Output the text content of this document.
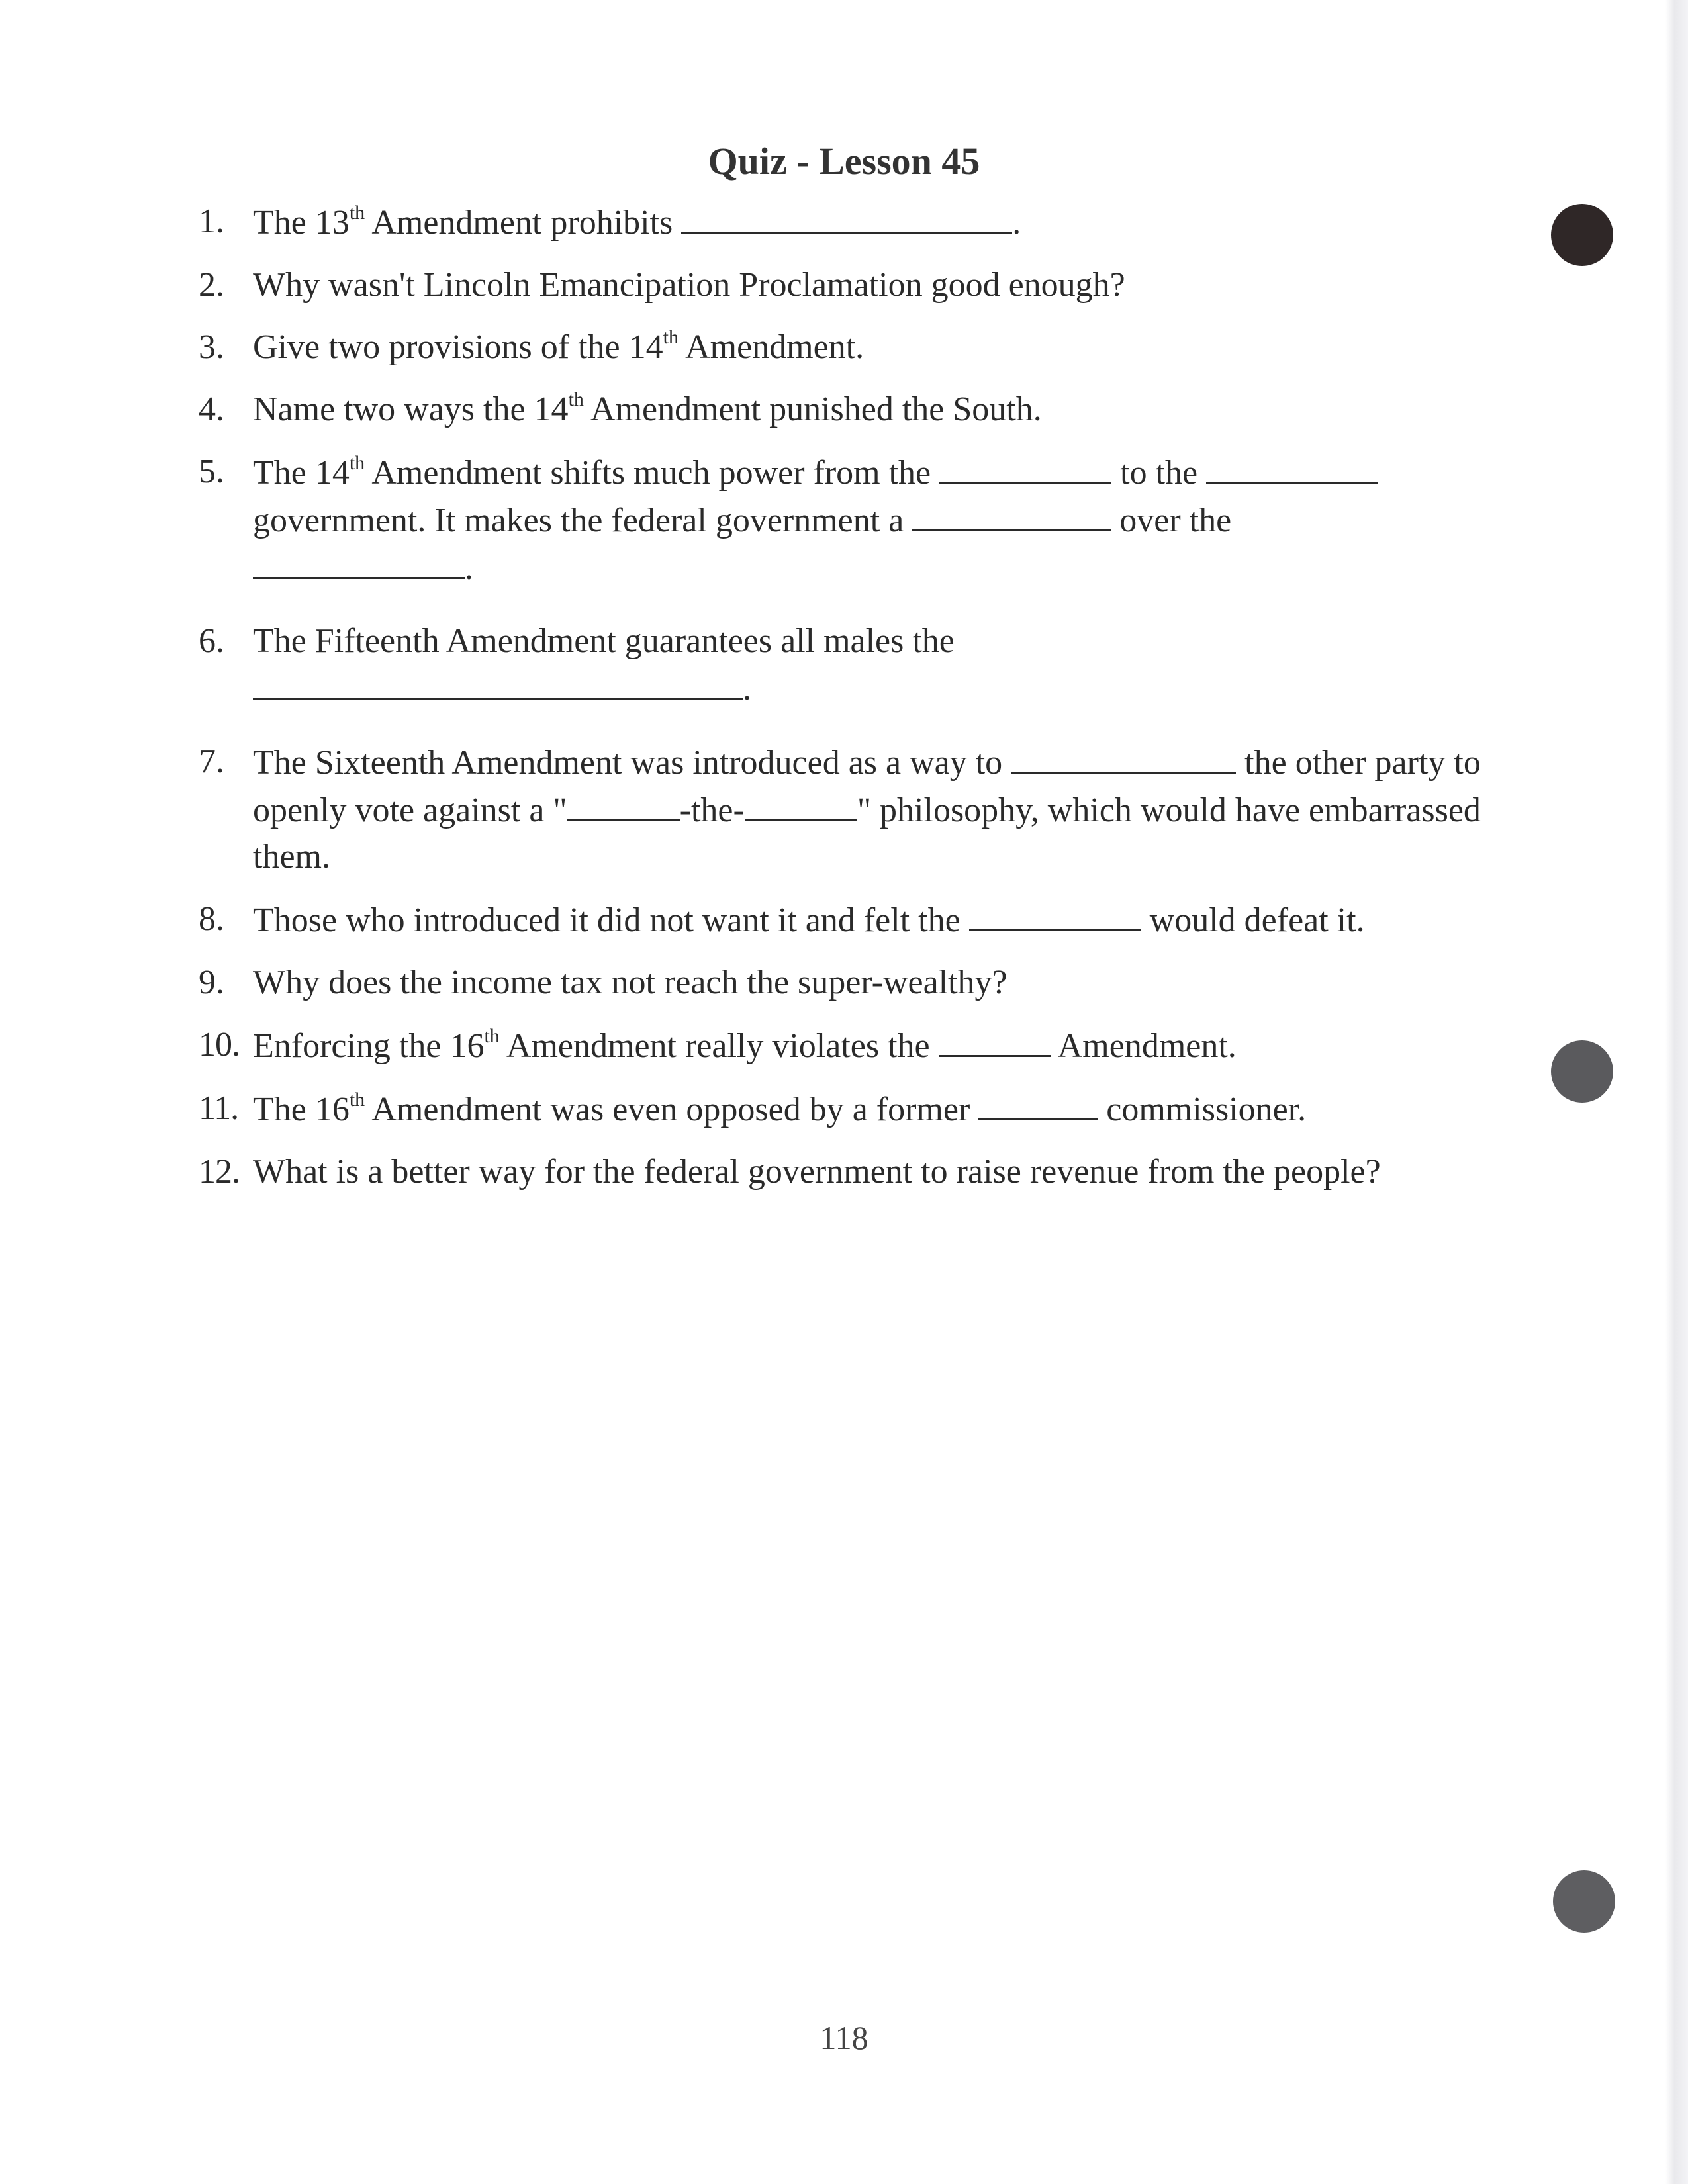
Quiz - Lesson 45
1. The 13th Amendment prohibits	.
2. Why wasn't Lincoln Emancipation Proclamation good enough?
3. Give two provisions of the 14th Amendment.
4. Name two ways the 14th Amendment punished the South.
5. The 14th Amendment shifts much power from the	to the  government. It makes the federal government a	over the
.
6. The Fifteenth Amendment guarantees all males the
.
7. The Sixteenth Amendment was introduced as a way to	the other party to openly vote against a "	-the-	" philosophy, which would have embarrassed them.
8. Those who introduced it did not want it and felt the	would defeat it.
9. Why does the income tax not reach the super-wealthy?
10. Enforcing the 16th Amendment really violates the	Amendment.
11. The 16th Amendment was even opposed by a former	commissioner.
12. What is a better way for the federal government to raise revenue from the people?
118
